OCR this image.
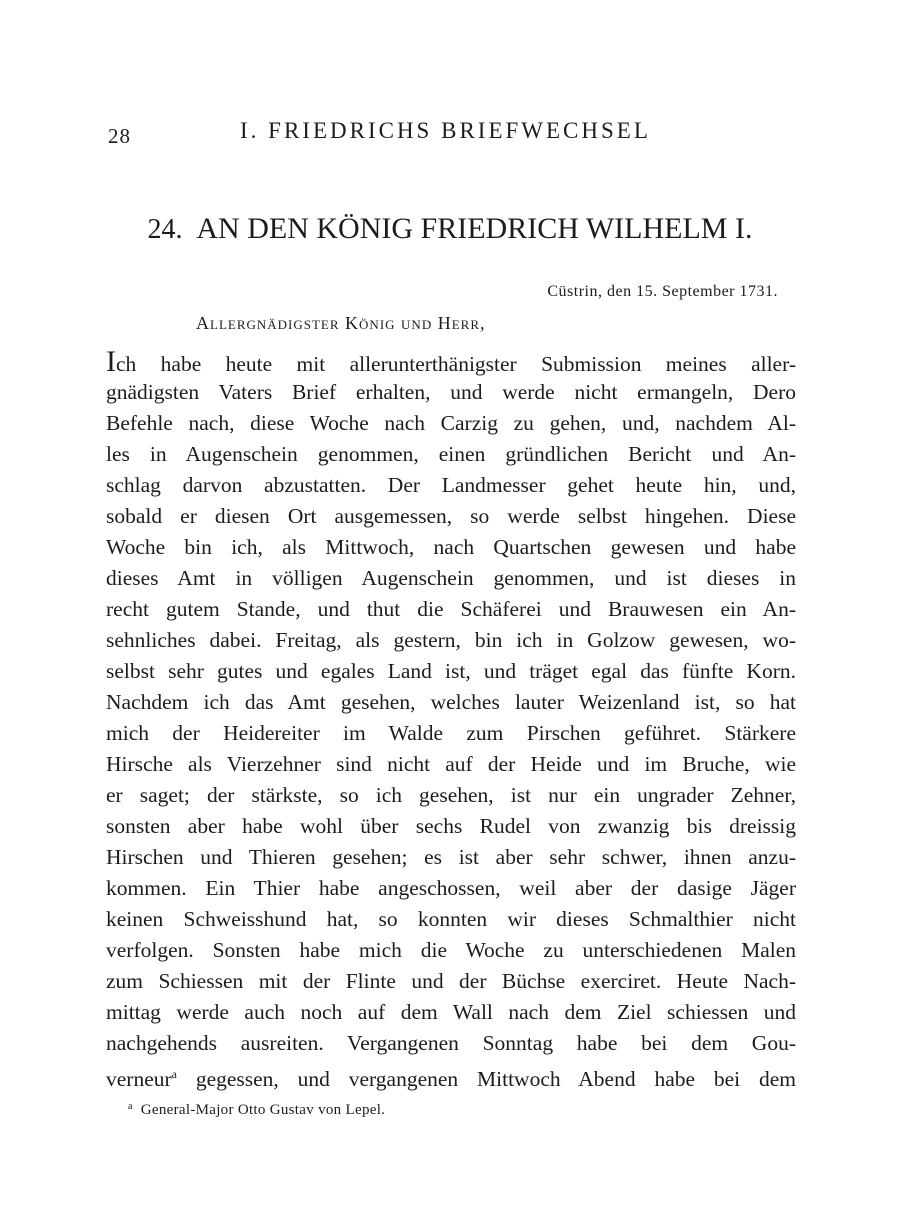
28	I. FRIEDRICHS BRIEFWECHSEL
24. AN DEN KÖNIG FRIEDRICH WILHELM I.
Cüstrin, den 15. September 1731.
Allergnädigster König und Herr,
Ich habe heute mit allerunterthänigster Submission meines aller-
gnädigsten Vaters Brief erhalten, und werde nicht ermangeln, Dero
Befehle nach, diese Woche nach Carzig zu gehen, und, nachdem Al-
les in Augenschein genommen, einen gründlichen Bericht und An-
schlag darvon abzustatten. Der Landmesser gehet heute hin, und,
sobald er diesen Ort ausgemessen, so werde selbst hingehen. Diese
Woche bin ich, als Mittwoch, nach Quartschen gewesen und habe
dieses Amt in völligen Augenschein genommen, und ist dieses in
recht gutem Stande, und thut die Schäferei und Brauwesen ein An-
sehnliches dabei. Freitag, als gestern, bin ich in Golzow gewesen, wo-
selbst sehr gutes und egales Land ist, und träget egal das fünfte Korn.
Nachdem ich das Amt gesehen, welches lauter Weizenland ist, so hat
mich der Heidereiter im Walde zum Pirschen geführet. Stärkere
Hirsche als Vierzehner sind nicht auf der Heide und im Bruche, wie
er saget; der stärkste, so ich gesehen, ist nur ein ungrader Zehner,
sonsten aber habe wohl über sechs Rudel von zwanzig bis dreissig
Hirschen und Thieren gesehen; es ist aber sehr schwer, ihnen anzu-
kommen. Ein Thier habe angeschossen, weil aber der dasige Jäger
keinen Schweisshund hat, so konnten wir dieses Schmalthier nicht
verfolgen. Sonsten habe mich die Woche zu unterschiedenen Malen
zum Schiessen mit der Flinte und der Büchse exerciret. Heute Nach-
mittag werde auch noch auf dem Wall nach dem Ziel schiessen und
nachgehends ausreiten. Vergangenen Sonntag habe bei dem Gou-
verneur$^a$ gegessen, und vergangenen Mittwoch Abend habe bei dem
$^a$ General-Major Otto Gustav von Lepel.
